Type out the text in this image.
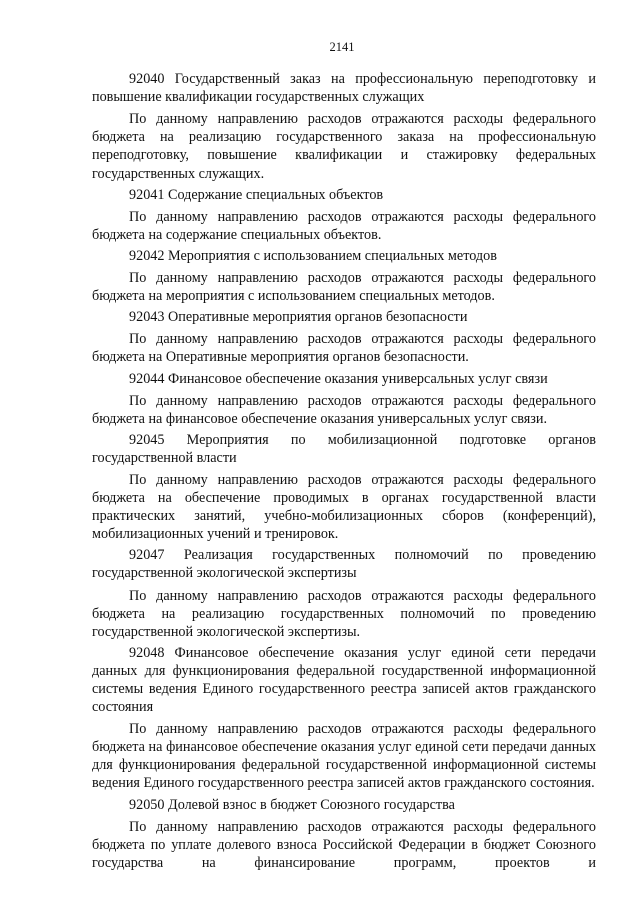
2141

92040 Государственный заказ на профессиональную переподготовку и повышение квалификации государственных служащих

По данному направлению расходов отражаются расходы федерального бюджета на реализацию государственного заказа на профессиональную переподготовку, повышение квалификации и стажировку федеральных государственных служащих.

92041 Содержание специальных объектов

По данному направлению расходов отражаются расходы федерального бюджета на содержание специальных объектов.

92042 Мероприятия с использованием специальных методов

По данному направлению расходов отражаются расходы федерального бюджета на мероприятия с использованием специальных методов.

92043 Оперативные мероприятия органов безопасности

По данному направлению расходов отражаются расходы федерального бюджета на Оперативные мероприятия органов безопасности.

92044 Финансовое обеспечение оказания универсальных услуг связи

По данному направлению расходов отражаются расходы федерального бюджета на финансовое обеспечение оказания универсальных услуг связи.

92045 Мероприятия по мобилизационной подготовке органов государственной власти

По данному направлению расходов отражаются расходы федерального бюджета на обеспечение проводимых в органах государственной власти практических занятий, учебно-мобилизационных сборов (конференций), мобилизационных учений и тренировок.

92047 Реализация государственных полномочий по проведению государственной экологической экспертизы

По данному направлению расходов отражаются расходы федерального бюджета на реализацию государственных полномочий по проведению государственной экологической экспертизы.

92048 Финансовое обеспечение оказания услуг единой сети передачи данных для функционирования федеральной государственной информационной системы ведения Единого государственного реестра записей актов гражданского состояния

По данному направлению расходов отражаются расходы федерального бюджета на финансовое обеспечение оказания услуг единой сети передачи данных для функционирования федеральной государственной информационной системы ведения Единого государственного реестра записей актов гражданского состояния.

92050 Долевой взнос в бюджет Союзного государства

По данному направлению расходов отражаются расходы федерального бюджета по уплате долевого взноса Российской Федерации в бюджет Союзного государства на финансирование программ, проектов и
